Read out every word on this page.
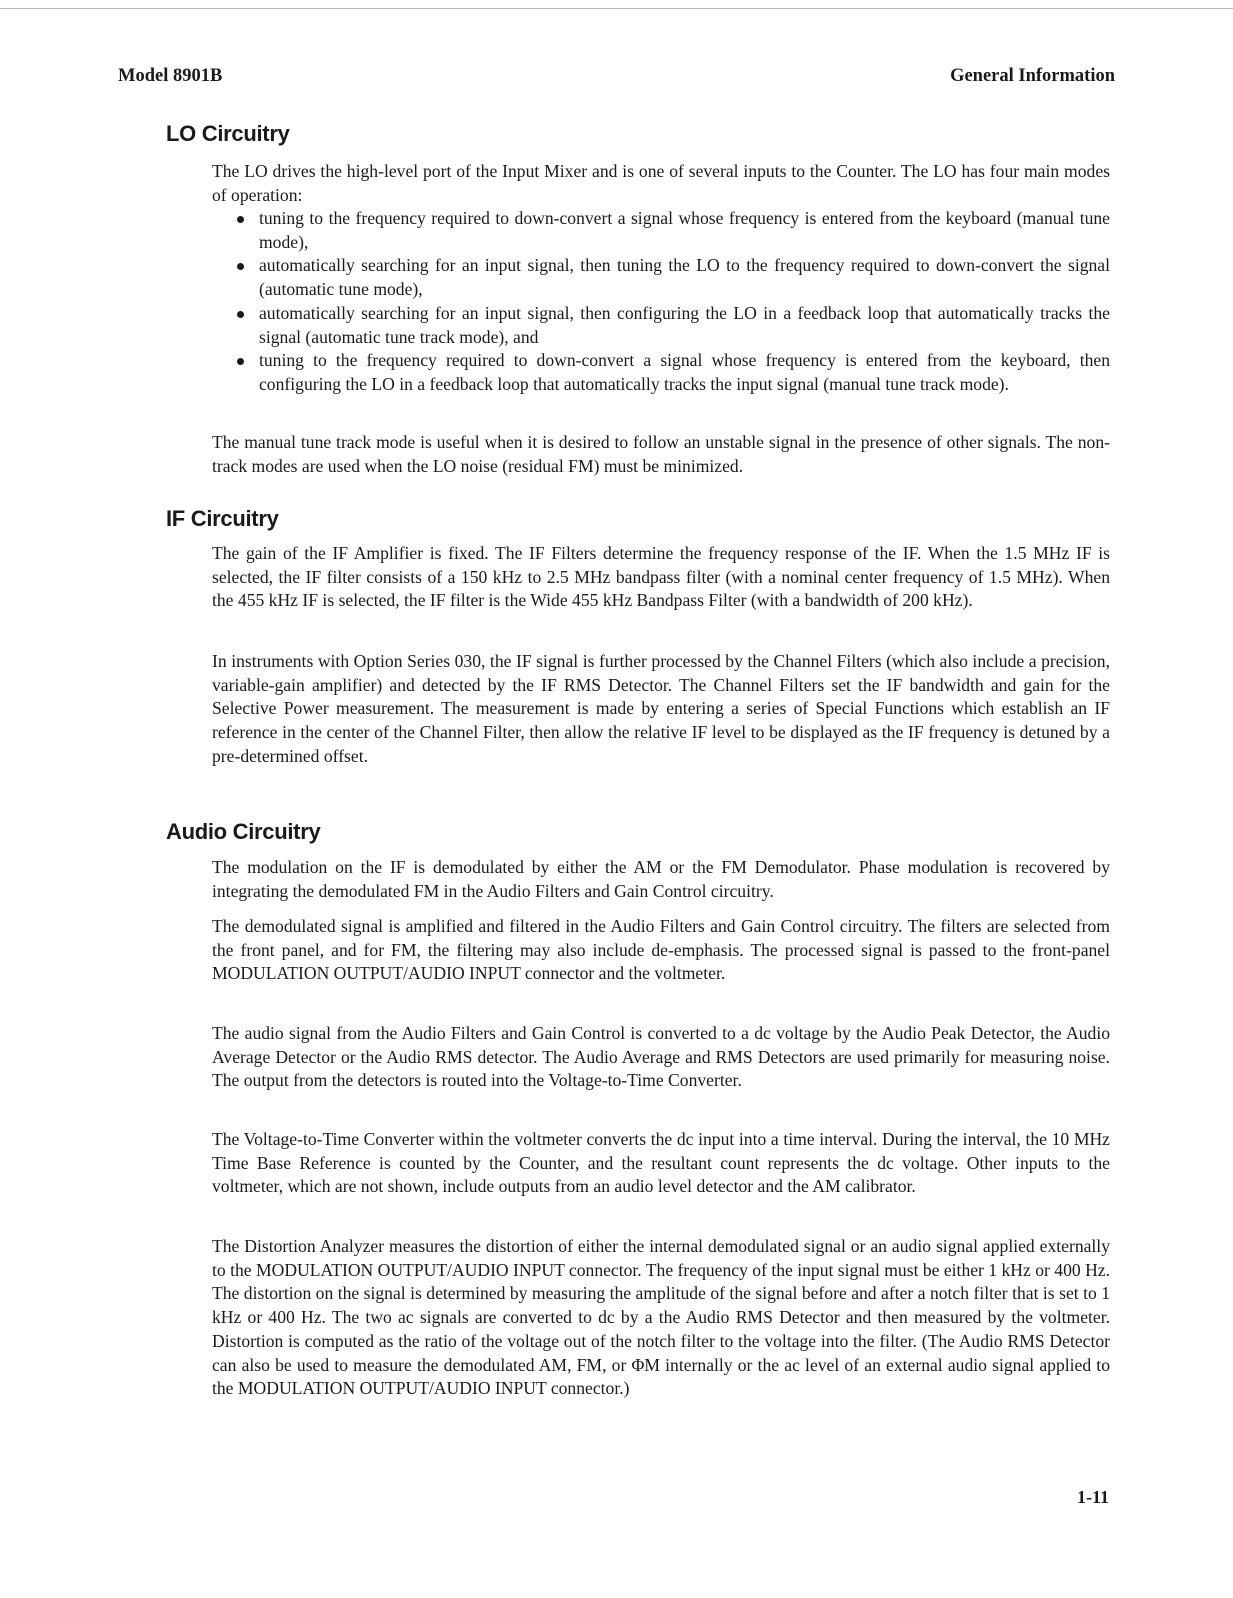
Model 8901B	General Information
LO Circuitry

The LO drives the high-level port of the Input Mixer and is one of several inputs to the Counter. The LO has four main modes of operation:

tuning to the frequency required to down-convert a signal whose frequency is entered from the keyboard (manual tune mode),
automatically searching for an input signal, then tuning the LO to the frequency required to down-convert the signal (automatic tune mode),
automatically searching for an input signal, then configuring the LO in a feedback loop that automatically tracks the signal (automatic tune track mode), and
tuning to the frequency required to down-convert a signal whose frequency is entered from the keyboard, then configuring the LO in a feedback loop that automatically tracks the input signal (manual tune track mode).

The manual tune track mode is useful when it is desired to follow an unstable signal in the presence of other signals. The non-track modes are used when the LO noise (residual FM) must be minimized.

IF Circuitry

The gain of the IF Amplifier is fixed. The IF Filters determine the frequency response of the IF. When the 1.5 MHz IF is selected, the IF filter consists of a 150 kHz to 2.5 MHz bandpass filter (with a nominal center frequency of 1.5 MHz). When the 455 kHz IF is selected, the IF filter is the Wide 455 kHz Bandpass Filter (with a bandwidth of 200 kHz).

In instruments with Option Series 030, the IF signal is further processed by the Channel Filters (which also include a precision, variable-gain amplifier) and detected by the IF RMS Detector. The Channel Filters set the IF bandwidth and gain for the Selective Power measurement. The measurement is made by entering a series of Special Functions which establish an IF reference in the center of the Channel Filter, then allow the relative IF level to be displayed as the IF frequency is detuned by a pre-determined offset.

Audio Circuitry

The modulation on the IF is demodulated by either the AM or the FM Demodulator. Phase modulation is recovered by integrating the demodulated FM in the Audio Filters and Gain Control circuitry.

The demodulated signal is amplified and filtered in the Audio Filters and Gain Control circuitry. The filters are selected from the front panel, and for FM, the filtering may also include de-emphasis. The processed signal is passed to the front-panel MODULATION OUTPUT/AUDIO INPUT connector and the voltmeter.

The audio signal from the Audio Filters and Gain Control is converted to a dc voltage by the Audio Peak Detector, the Audio Average Detector or the Audio RMS detector. The Audio Average and RMS Detectors are used primarily for measuring noise. The output from the detectors is routed into the Voltage-to-Time Converter.

The Voltage-to-Time Converter within the voltmeter converts the dc input into a time interval. During the interval, the 10 MHz Time Base Reference is counted by the Counter, and the resultant count represents the dc voltage. Other inputs to the voltmeter, which are not shown, include outputs from an audio level detector and the AM calibrator.

The Distortion Analyzer measures the distortion of either the internal demodulated signal or an audio signal applied externally to the MODULATION OUTPUT/AUDIO INPUT connector. The frequency of the input signal must be either 1 kHz or 400 Hz. The distortion on the signal is determined by measuring the amplitude of the signal before and after a notch filter that is set to 1 kHz or 400 Hz. The two ac signals are converted to dc by a the Audio RMS Detector and then measured by the voltmeter. Distortion is computed as the ratio of the voltage out of the notch filter to the voltage into the filter. (The Audio RMS Detector can also be used to measure the demodulated AM, FM, or ΦM internally or the ac level of an external audio signal applied to the MODULATION OUTPUT/AUDIO INPUT connector.)

1-11
